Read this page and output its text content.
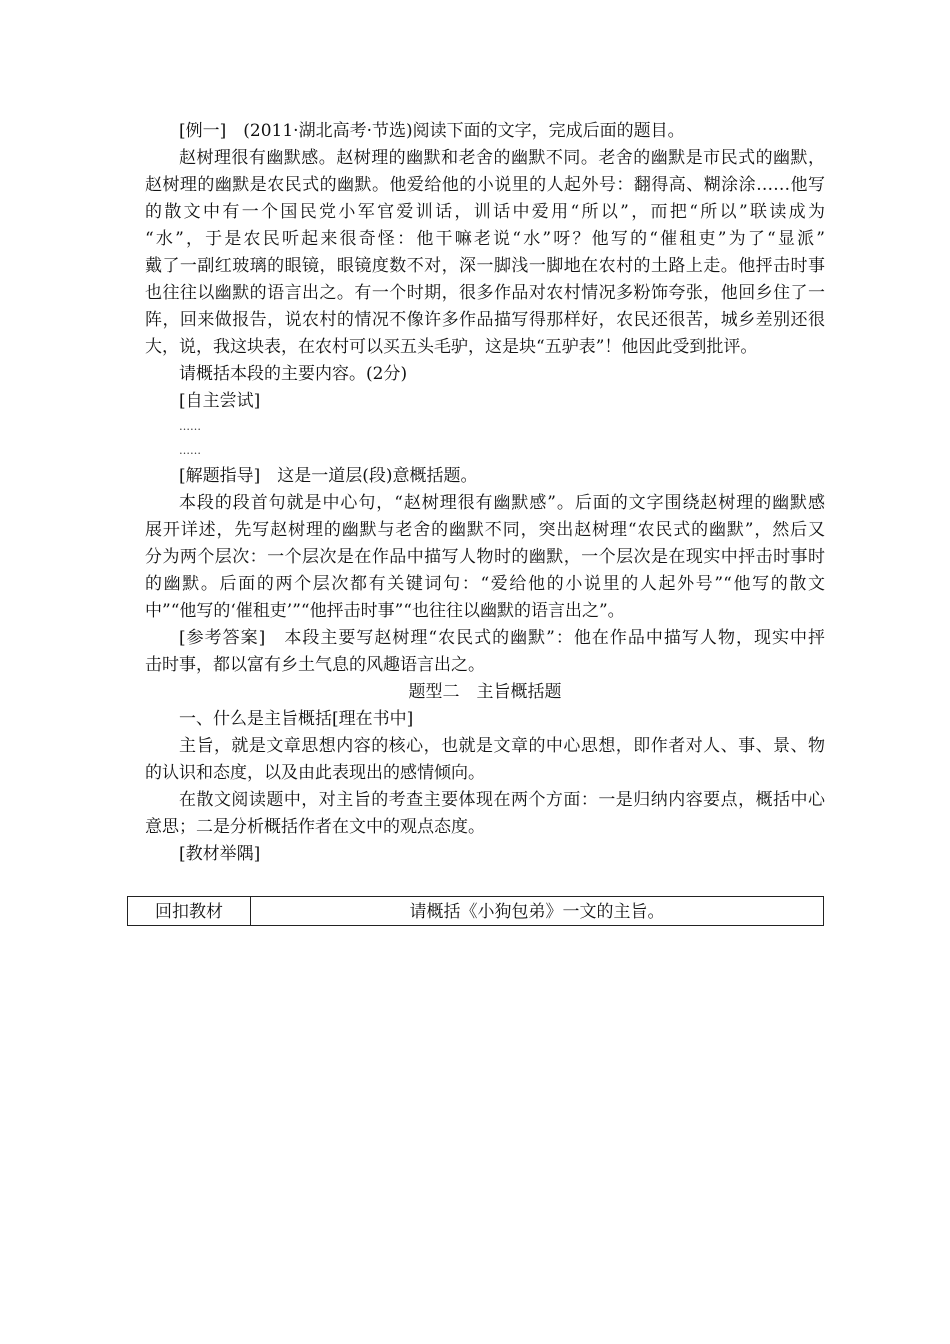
[例一]　(2011·湖北高考·节选)阅读下面的文字，完成后面的题目。

赵树理很有幽默感。赵树理的幽默和老舍的幽默不同。老舍的幽默是市民式的幽默，

赵树理的幽默是农民式的幽默。他爱给他的小说里的人起外号：翻得高、糊涂涂……他写

的散文中有一个国民党小军官爱训话，训话中爱用“所以”，而把“所以”联读成为

“水”，于是农民听起来很奇怪：他干嘛老说“水”呀？他写的“催租吏”为了“显派”

戴了一副红玻璃的眼镜，眼镜度数不对，深一脚浅一脚地在农村的土路上走。他抨击时事

也往往以幽默的语言出之。有一个时期，很多作品对农村情况多粉饰夸张，他回乡住了一

阵，回来做报告，说农村的情况不像许多作品描写得那样好，农民还很苦，城乡差别还很

大，说，我这块表，在农村可以买五头毛驴，这是块“五驴表”！他因此受到批评。

请概括本段的主要内容。(2分)

[自主尝试]

……

……

[解题指导]　这是一道层(段)意概括题。

本段的段首句就是中心句，“赵树理很有幽默感”。后面的文字围绕赵树理的幽默感

展开详述，先写赵树理的幽默与老舍的幽默不同，突出赵树理“农民式的幽默”，然后又

分为两个层次：一个层次是在作品中描写人物时的幽默，一个层次是在现实中抨击时事时

的幽默。后面的两个层次都有关键词句：“爱给他的小说里的人起外号”“他写的散文

中”“他写的‘催租吏’”“他抨击时事”“也往往以幽默的语言出之”。

[参考答案]　本段主要写赵树理“农民式的幽默”：他在作品中描写人物，现实中抨

击时事，都以富有乡土气息的风趣语言出之。

题型二　主旨概括题

一、什么是主旨概括[理在书中]

主旨，就是文章思想内容的核心，也就是文章的中心思想，即作者对人、事、景、物

的认识和态度，以及由此表现出的感情倾向。

在散文阅读题中，对主旨的考查主要体现在两个方面：一是归纳内容要点，概括中心

意思；二是分析概括作者在文中的观点态度。

[教材举隅]

回扣教材	请概括《小狗包弟》一文的主旨。
